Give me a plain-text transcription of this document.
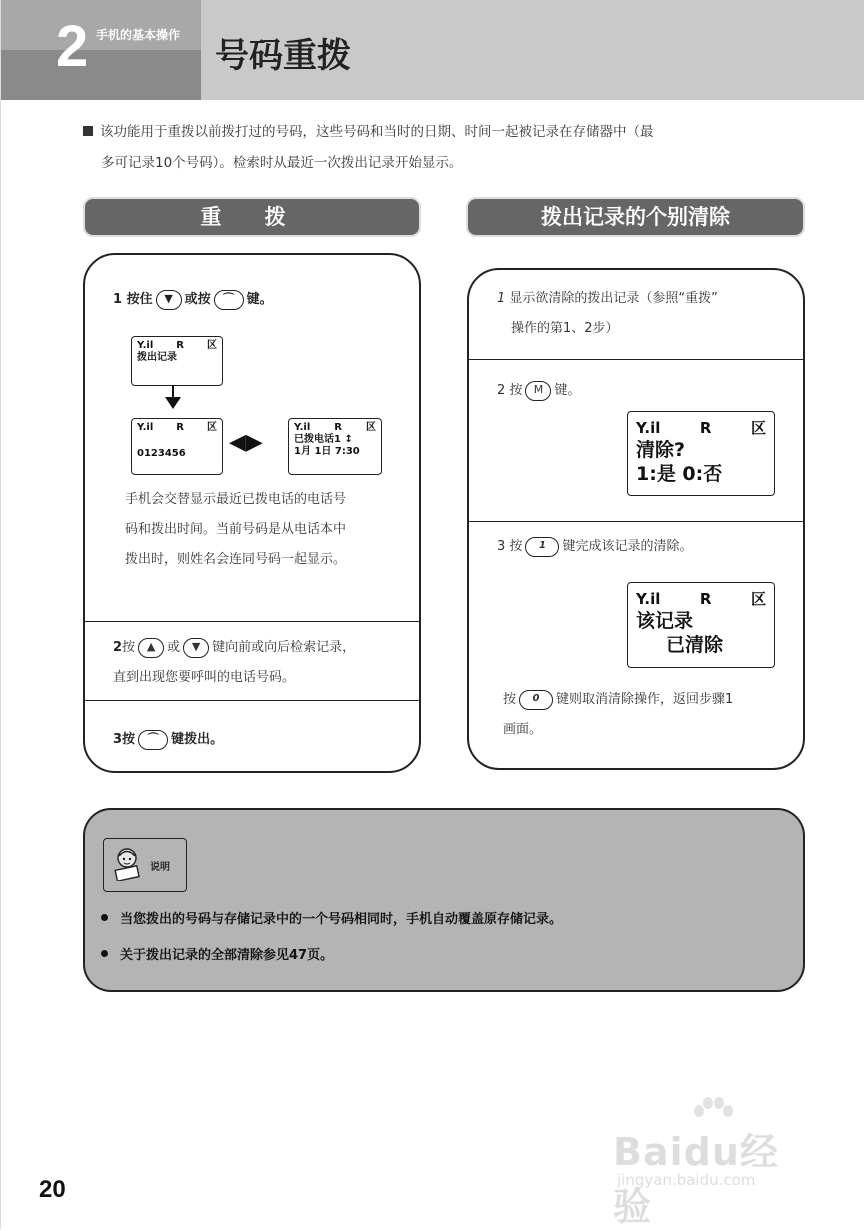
2 手机的基本操作
号码重拨
该功能用于重拨以前拨打过的号码，这些号码和当时的日期、时间一起被记录在存储器中（最
多可记录10个号码）。检索时从最近一次拨出记录开始显示。
重 拨	拨出记录的个别清除
1 按住 ▼ 或按 ⌒ 键。
Y.il R 区
拨出记录
Y.il R 区
0123456
Y.il R 区
已拨电话1 ↕
1月 1日 7:30
手机会交替显示最近已拨电话的电话号
码和拨出时间。当前号码是从电话本中
拨出时，则姓名会连同号码一起显示。
2按 ▲ 或 ▼ 键向前或向后检索记录，
直到出现您要呼叫的电话号码。
3按 ⌒ 键拨出。
◀▶
1 显示欲清除的拨出记录（参照“重拨”
操作的第1、2步）
2 按 M 键。
Y.il	R	区
清除?
1:是 0:否
3 按 1 键完成该记录的清除。
Y.il	R	区
该记录
已清除
按 0 键则取消清除操作，返回步骤1
画面。
说明
当您拨出的号码与存储记录中的一个号码相同时，手机自动覆盖原存储记录。
关于拨出记录的全部清除参见47页。
20
Baidu经验
jingyan.baidu.com
